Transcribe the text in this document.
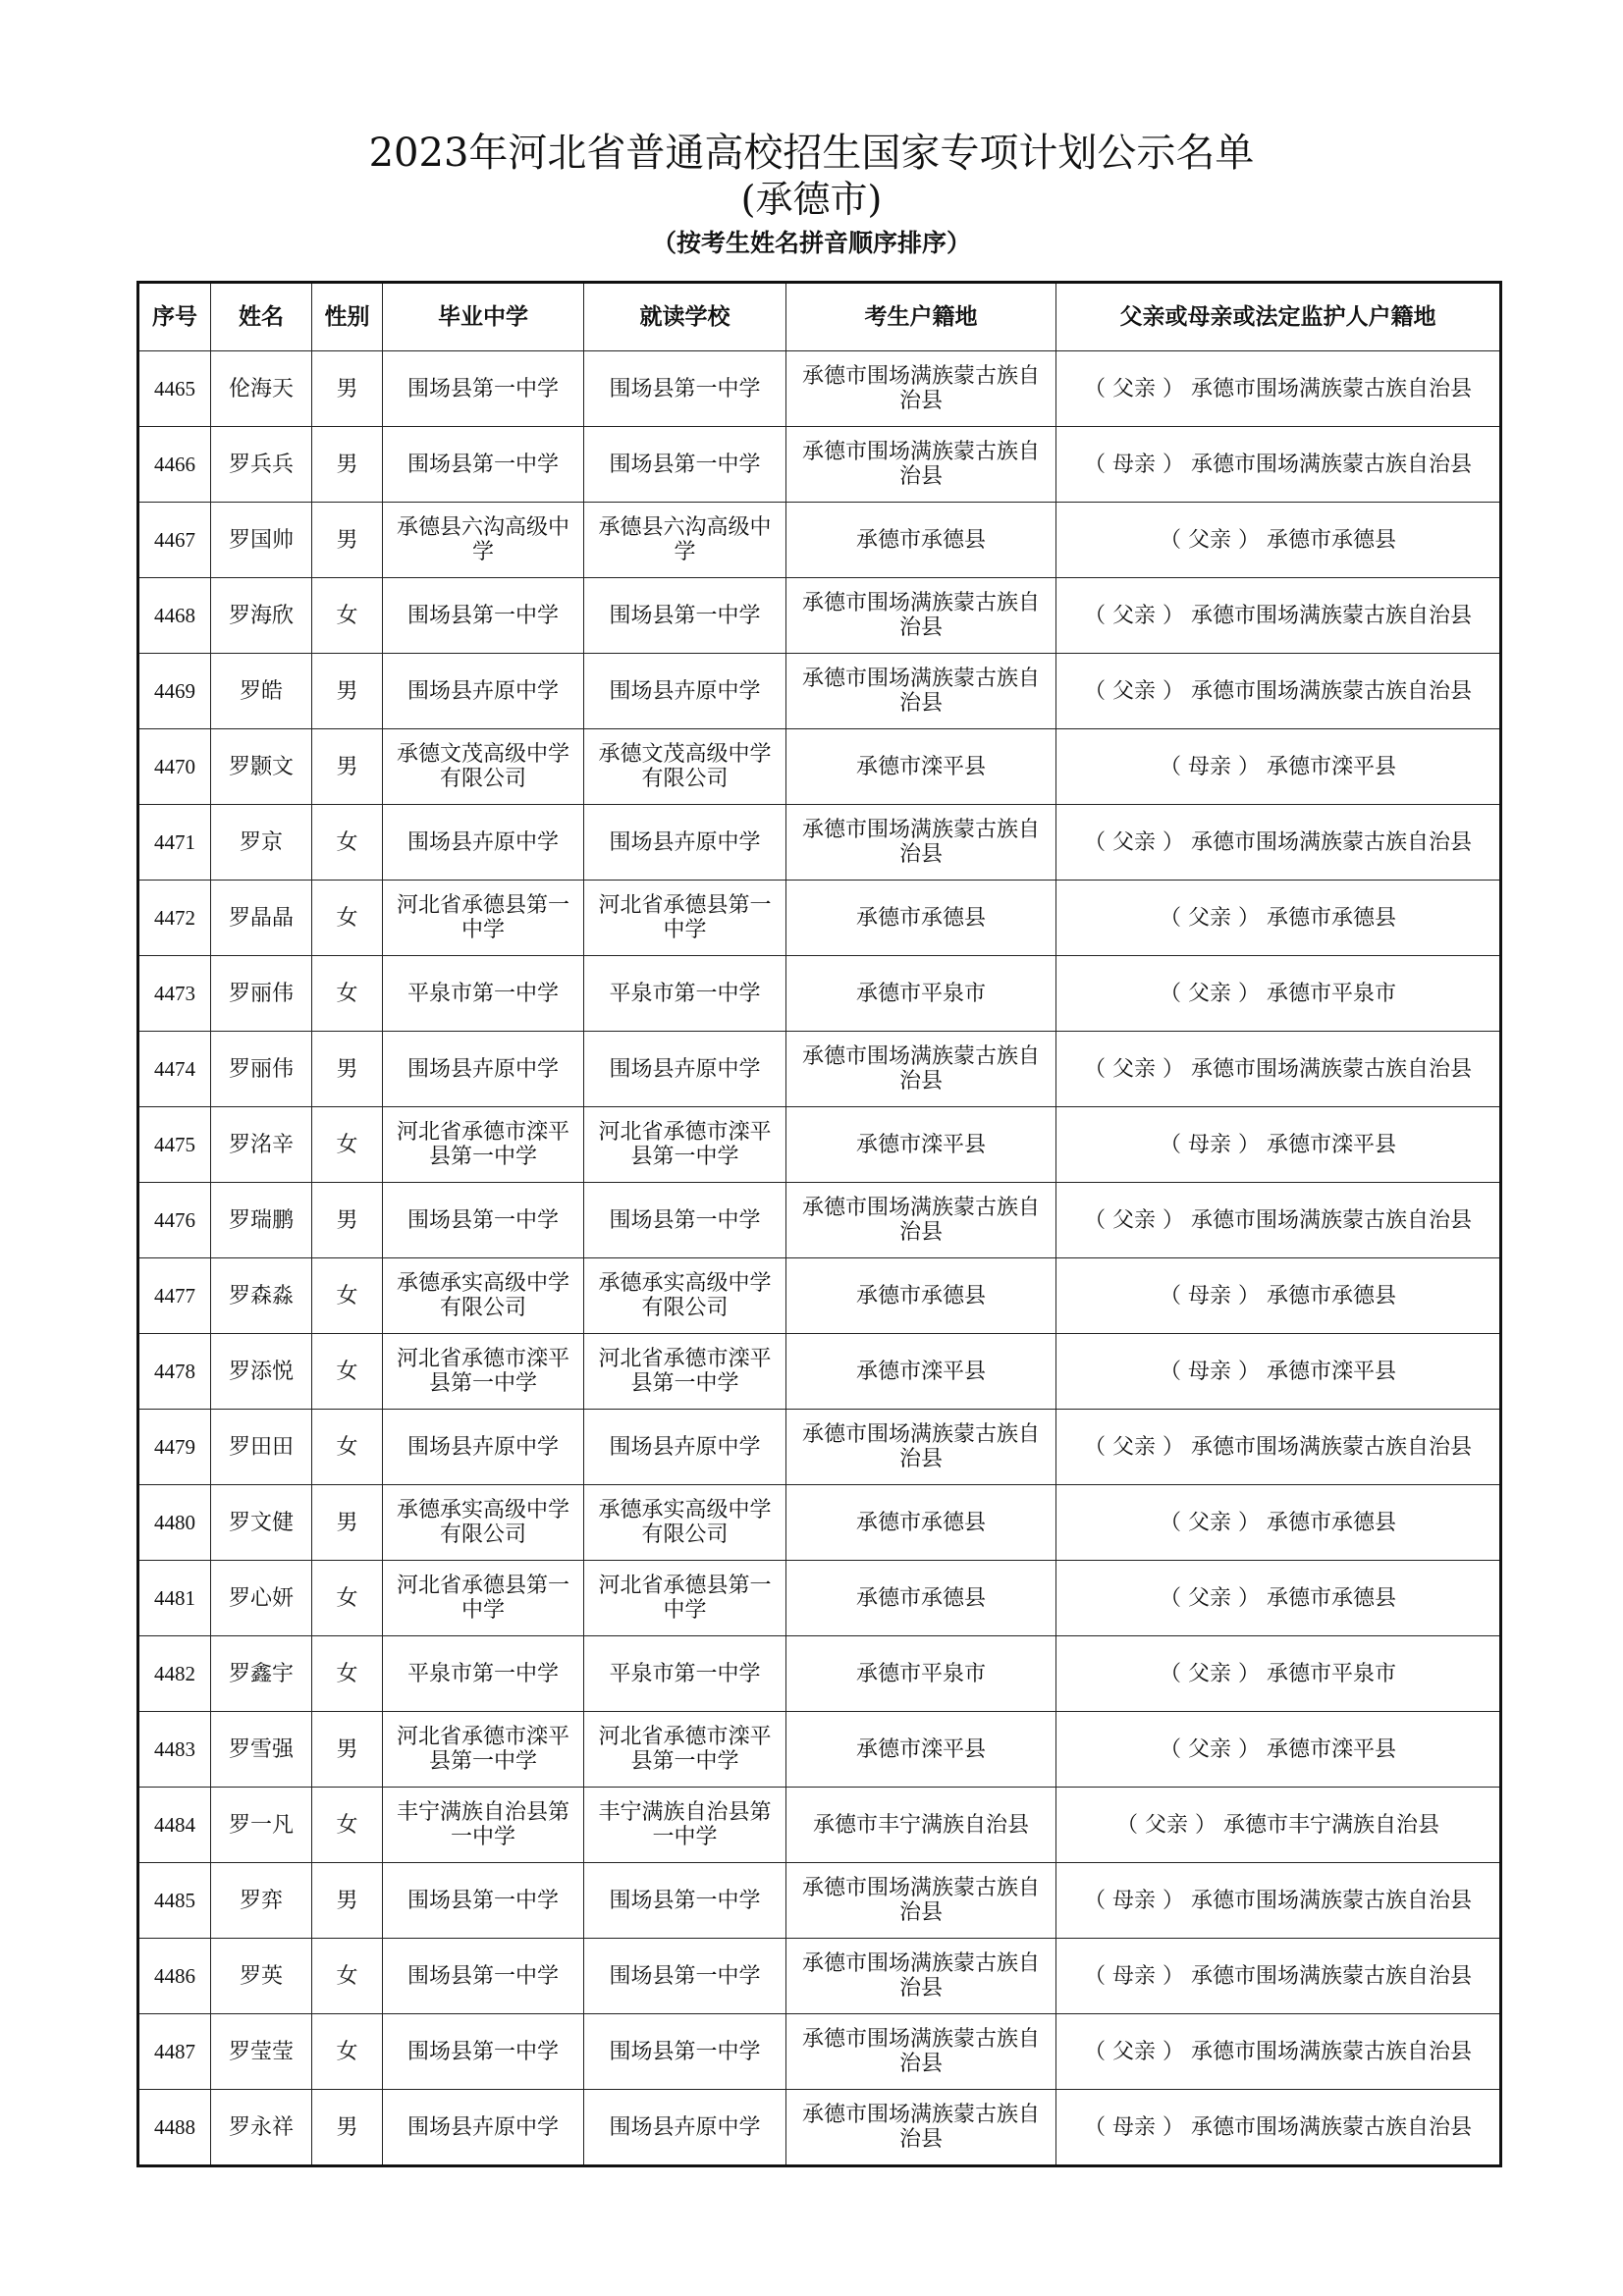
2023年河北省普通高校招生国家专项计划公示名单
(承德市)
（按考生姓名拼音顺序排序）
序号	姓名	性别	毕业中学	就读学校	考生户籍地	父亲或母亲或法定监护人户籍地
4465	伦海天	男	围场县第一中学	围场县第一中学	承德市围场满族蒙古族自治县	（ 父亲 ） 承德市围场满族蒙古族自治县
4466	罗兵兵	男	围场县第一中学	围场县第一中学	承德市围场满族蒙古族自治县	（ 母亲 ） 承德市围场满族蒙古族自治县
4467	罗国帅	男	承德县六沟高级中学	承德县六沟高级中学	承德市承德县	（ 父亲 ） 承德市承德县
4468	罗海欣	女	围场县第一中学	围场县第一中学	承德市围场满族蒙古族自治县	（ 父亲 ） 承德市围场满族蒙古族自治县
4469	罗皓	男	围场县卉原中学	围场县卉原中学	承德市围场满族蒙古族自治县	（ 父亲 ） 承德市围场满族蒙古族自治县
4470	罗颢文	男	承德文茂高级中学有限公司	承德文茂高级中学有限公司	承德市滦平县	（ 母亲 ） 承德市滦平县
4471	罗京	女	围场县卉原中学	围场县卉原中学	承德市围场满族蒙古族自治县	（ 父亲 ） 承德市围场满族蒙古族自治县
4472	罗晶晶	女	河北省承德县第一中学	河北省承德县第一中学	承德市承德县	（ 父亲 ） 承德市承德县
4473	罗丽伟	女	平泉市第一中学	平泉市第一中学	承德市平泉市	（ 父亲 ） 承德市平泉市
4474	罗丽伟	男	围场县卉原中学	围场县卉原中学	承德市围场满族蒙古族自治县	（ 父亲 ） 承德市围场满族蒙古族自治县
4475	罗洺辛	女	河北省承德市滦平县第一中学	河北省承德市滦平县第一中学	承德市滦平县	（ 母亲 ） 承德市滦平县
4476	罗瑞鹏	男	围场县第一中学	围场县第一中学	承德市围场满族蒙古族自治县	（ 父亲 ） 承德市围场满族蒙古族自治县
4477	罗森淼	女	承德承实高级中学有限公司	承德承实高级中学有限公司	承德市承德县	（ 母亲 ） 承德市承德县
4478	罗添悦	女	河北省承德市滦平县第一中学	河北省承德市滦平县第一中学	承德市滦平县	（ 母亲 ） 承德市滦平县
4479	罗田田	女	围场县卉原中学	围场县卉原中学	承德市围场满族蒙古族自治县	（ 父亲 ） 承德市围场满族蒙古族自治县
4480	罗文健	男	承德承实高级中学有限公司	承德承实高级中学有限公司	承德市承德县	（ 父亲 ） 承德市承德县
4481	罗心妍	女	河北省承德县第一中学	河北省承德县第一中学	承德市承德县	（ 父亲 ） 承德市承德县
4482	罗鑫宇	女	平泉市第一中学	平泉市第一中学	承德市平泉市	（ 父亲 ） 承德市平泉市
4483	罗雪强	男	河北省承德市滦平县第一中学	河北省承德市滦平县第一中学	承德市滦平县	（ 父亲 ） 承德市滦平县
4484	罗一凡	女	丰宁满族自治县第一中学	丰宁满族自治县第一中学	承德市丰宁满族自治县	（ 父亲 ） 承德市丰宁满族自治县
4485	罗弈	男	围场县第一中学	围场县第一中学	承德市围场满族蒙古族自治县	（ 母亲 ） 承德市围场满族蒙古族自治县
4486	罗英	女	围场县第一中学	围场县第一中学	承德市围场满族蒙古族自治县	（ 母亲 ） 承德市围场满族蒙古族自治县
4487	罗莹莹	女	围场县第一中学	围场县第一中学	承德市围场满族蒙古族自治县	（ 父亲 ） 承德市围场满族蒙古族自治县
4488	罗永祥	男	围场县卉原中学	围场县卉原中学	承德市围场满族蒙古族自治县	（ 母亲 ） 承德市围场满族蒙古族自治县
